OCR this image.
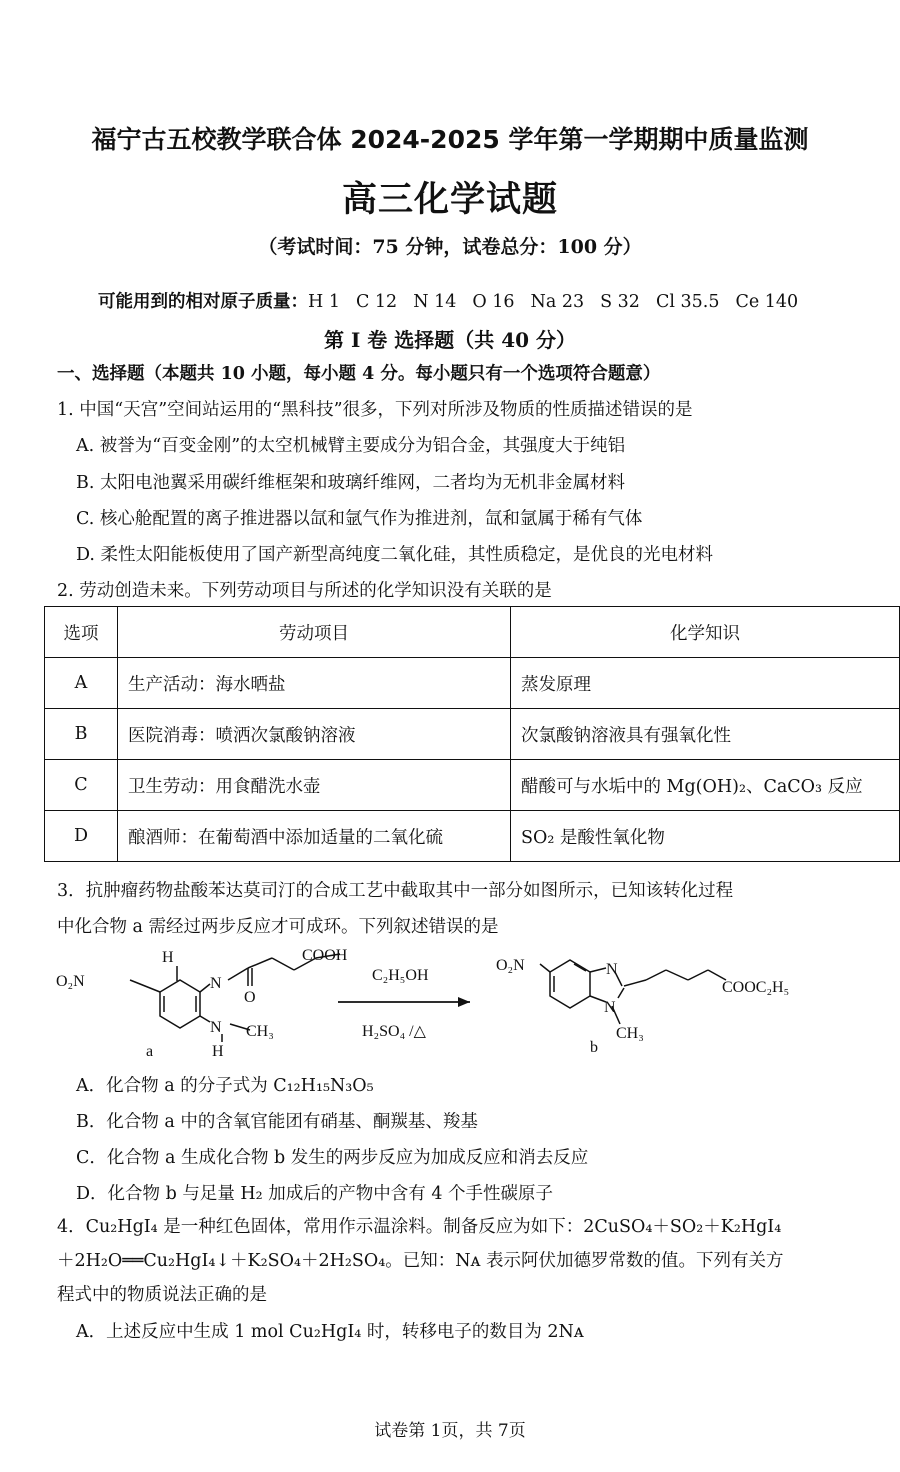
福宁古五校教学联合体 2024-2025 学年第一学期期中质量监测
高三化学试题
（考试时间：75 分钟，试卷总分：100 分）
可能用到的相对原子质量：H 1 C 12 N 14 O 16 Na 23 S 32 Cl 35.5 Ce 140
第 I 卷 选择题（共 40 分）
一、选择题（本题共 10 小题，每小题 4 分。每小题只有一个选项符合题意）
1. 中国“天宫”空间站运用的“黑科技”很多，下列对所涉及物质的性质描述错误的是
A. 被誉为“百变金刚”的太空机械臂主要成分为铝合金，其强度大于纯铝
B. 太阳电池翼采用碳纤维框架和玻璃纤维网，二者均为无机非金属材料
C. 核心舱配置的离子推进器以氙和氩气作为推进剂，氙和氩属于稀有气体
D. 柔性太阳能板使用了国产新型高纯度二氧化硅，其性质稳定，是优良的光电材料
2. 劳动创造未来。下列劳动项目与所述的化学知识没有关联的是
选项	劳动项目	化学知识
A	生产活动：海水晒盐	蒸发原理
B	医院消毒：喷洒次氯酸钠溶液	次氯酸钠溶液具有强氧化性
C	卫生劳动：用食醋洗水壶	醋酸可与水垢中的 Mg(OH)₂、CaCO₃ 反应
D	酿酒师：在葡萄酒中添加适量的二氧化硫	SO₂ 是酸性氧化物
3．抗肿瘤药物盐酸苯达莫司汀的合成工艺中截取其中一部分如图所示，已知该转化过程
中化合物 a 需经过两步反应才可成环。下列叙述错误的是
O₂N
H
N
O
COOH
N CH₃
H
a
C₂H₅OH
H₂SO₄ /△
O₂N	N
N
COOC₂H₅
CH₃
b
A．化合物 a 的分子式为 C₁₂H₁₅N₃O₅
B．化合物 a 中的含氧官能团有硝基、酮羰基、羧基
C．化合物 a 生成化合物 b 发生的两步反应为加成反应和消去反应
D．化合物 b 与足量 H₂ 加成后的产物中含有 4 个手性碳原子
4．Cu₂HgI₄ 是一种红色固体，常用作示温涂料。制备反应为如下：2CuSO₄＋SO₂＋K₂HgI₄
＋2H₂O══Cu₂HgI₄↓＋K₂SO₄＋2H₂SO₄。已知：Nᴀ 表示阿伏加德罗常数的值。下列有关方
程式中的物质说法正确的是
A．上述反应中生成 1 mol Cu₂HgI₄ 时，转移电子的数目为 2Nᴀ
试卷第 1页，共 7页
